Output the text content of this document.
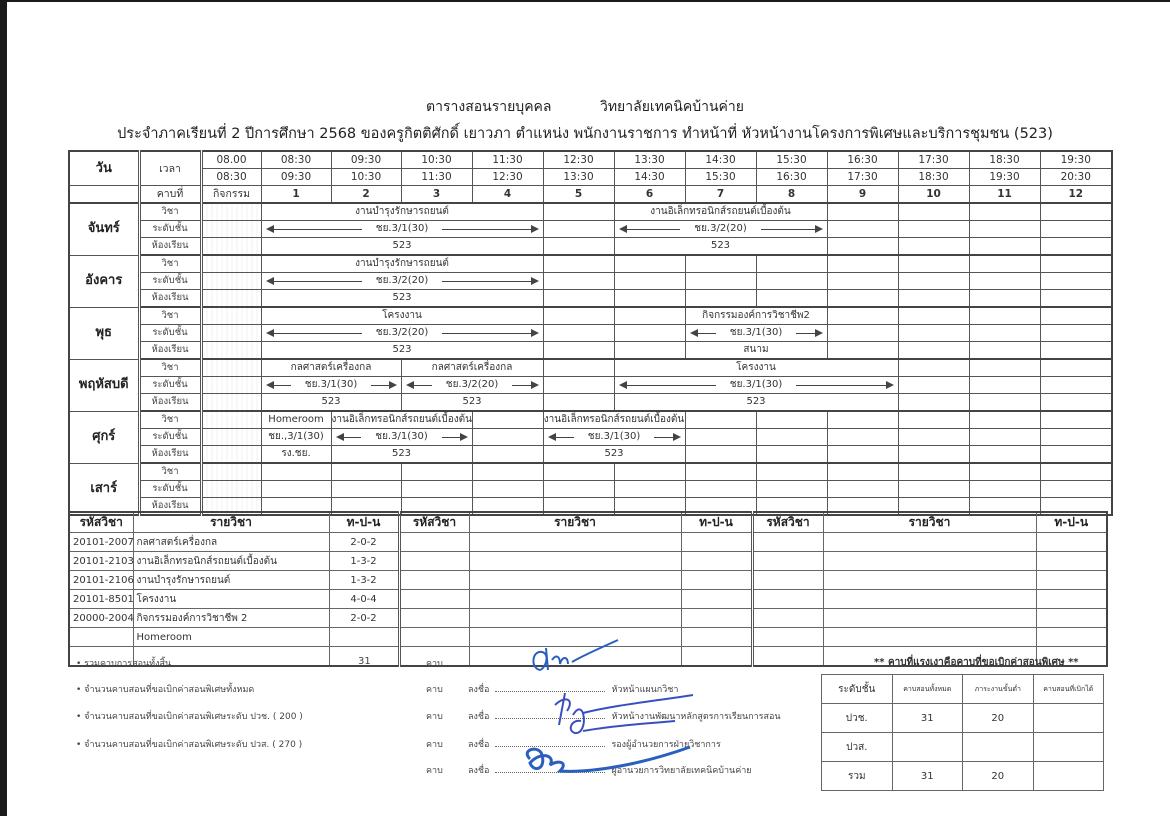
ตารางสอนรายบุคคล	วิทยาลัยเทคนิคบ้านค่าย
ประจำภาคเรียนที่ 2 ปีการศึกษา 2568 ของครูกิตติศักดิ์ เยาวภา ตำแหน่ง พนักงานราชการ ทำหน้าที่ หัวหน้างานโครงการพิเศษและบริการชุมชน (523)
วัน	เวลา	08.00	08:30	09:30	10:30	11:30	12:30	13:30	14:30	15:30	16:30	17:30	18:30	19:30
		08:30	09:30	10:30	11:30	12:30	13:30	14:30	15:30	16:30	17:30	18:30	19:30	20:30
	คาบที่	กิจกรรม	1	2	3	4	5	6	7	8	9	10	11	12
จันทร์	วิชา		งานบำรุงรักษารถยนต์					งานอิเล็กทรอนิกส์รถยนต์เบื้องต้น						
	ระดับชั้น		ชย.3/1(30)					ชย.3/2(20)						

	ห้องเรียน		523					523						
อังคาร	วิชา		งานบำรุงรักษารถยนต์											
	ระดับชั้น		ชย.3/2(20)											

	ห้องเรียน		523											
พุธ	วิชา		โครงงาน						กิจกรรมองค์การวิชาชีพ2					
	ระดับชั้น		ชย.3/2(20)						ชย.3/1(30)					

	ห้องเรียน		523						สนาม					
พฤหัสบดี	วิชา		กลศาสตร์เครื่องกล		กลศาสตร์เครื่องกล			โครงงาน						
	ระดับชั้น		ชย.3/1(30)		ชย.3/2(20)			ชย.3/1(30)						

	ห้องเรียน		523		523			523						
ศุกร์	วิชา		Homeroom	งานอิเล็กทรอนิกส์รถยนต์เบื้องต้น			งานอิเล็กทรอนิกส์รถยนต์เบื้องต้น							
	ระดับชั้น		ชย.,3/1(30)	ชย.3/1(30)			ชย.3/1(30)							

	ห้องเรียน		รง.ชย.	523			523							
เสาร์	วิชา													
	ระดับชั้น													
	ห้องเรียน													
รหัสวิชา	รายวิชา	ท-ป-น	รหัสวิชา	รายวิชา	ท-ป-น	รหัสวิชา	รายวิชา	ท-ป-น
20101-2007	กลศาสตร์เครื่องกล	2-0-2						
20101-2103	งานอิเล็กทรอนิกส์รถยนต์เบื้องต้น	1-3-2						
20101-2106	งานบำรุงรักษารถยนต์	1-3-2						
20101-8501	โครงงาน	4-0-4						
20000-2004	กิจกรรมองค์การวิชาชีพ 2	2-0-2						
	Homeroom							

• รวมคาบการสอนทั้งสิ้น	31	คาบ
• จำนวนคาบสอนที่ขอเบิกค่าสอนพิเศษทั้งหมด	คาบ	ลงชื่อ	หัวหน้าแผนกวิชา
• จำนวนคาบสอนที่ขอเบิกค่าสอนพิเศษระดับ ปวช. ( 200 )	คาบ	ลงชื่อ	หัวหน้างานพัฒนาหลักสูตรการเรียนการสอน
• จำนวนคาบสอนที่ขอเบิกค่าสอนพิเศษระดับ ปวส. ( 270 )	คาบ	ลงชื่อ	รองผู้อำนวยการฝ่ายวิชาการ
คาบ	ลงชื่อ	ผู้อำนวยการวิทยาลัยเทคนิคบ้านค่าย
** คาบที่แรงเงาคือคาบที่ขอเบิกค่าสอนพิเศษ **
ระดับชั้น	คาบสอนทั้งหมด	ภาระงานขั้นต่ำ	คาบสอนที่เบิกได้
ปวช.	31	20	
ปวส.			
รวม	31	20	
